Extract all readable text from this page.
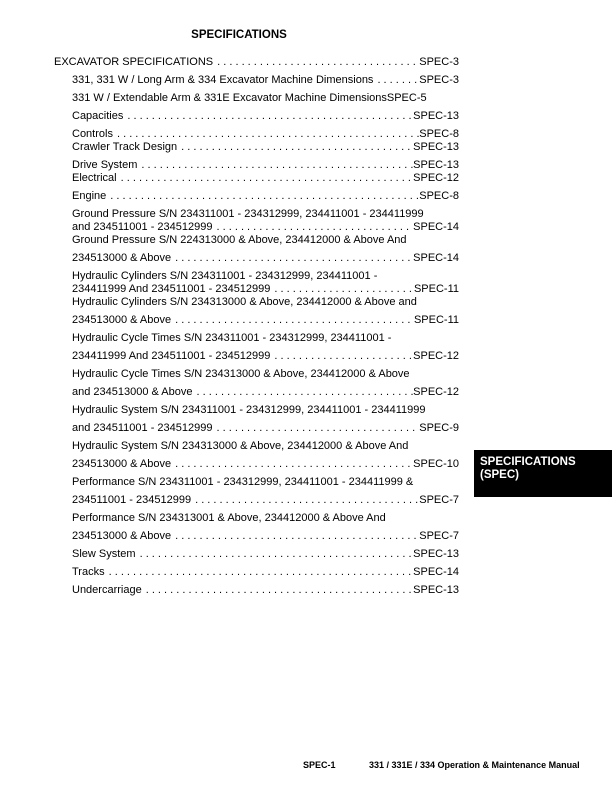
SPECIFICATIONS
EXCAVATOR SPECIFICATIONS . . .	SPEC-3
331, 331 W / Long Arm & 334 Excavator Machine Dimensions . . .	SPEC-3
331 W / Extendable Arm & 331E Excavator Machine Dimensions SPEC-5
Capacities . . .	SPEC-13
Controls . . .	SPEC-8
Crawler Track Design . . .	SPEC-13
Drive System . . .	SPEC-13
Electrical . . .	SPEC-12
Engine . . .	SPEC-8
Ground Pressure S/N 234311001 - 234312999, 234411001 - 234411999
and 234511001 - 234512999 . . .	SPEC-14
Ground Pressure S/N 224313000 & Above, 234412000 & Above And
234513000 & Above . . .	SPEC-14
Hydraulic Cylinders S/N 234311001 - 234312999, 234411001 -
234411999 And 234511001 - 234512999 . . .	SPEC-11
Hydraulic Cylinders S/N 234313000 & Above, 234412000 & Above and
234513000 & Above . . .	SPEC-11
Hydraulic Cycle Times S/N 234311001 - 234312999, 234411001 -
234411999 And 234511001 - 234512999 . . .	SPEC-12
Hydraulic Cycle Times S/N 234313000 & Above, 234412000 & Above
and 234513000 & Above . . .	SPEC-12
Hydraulic System S/N 234311001 - 234312999, 234411001 - 234411999
and 234511001 - 234512999 . . .	SPEC-9
Hydraulic System S/N 234313000 & Above, 234412000 & Above And
234513000 & Above . . .	SPEC-10
Performance S/N 234311001 - 234312999, 234411001 - 234411999 &
234511001 - 234512999 . . .	SPEC-7
Performance S/N 234313001 & Above, 234412000 & Above And
234513000 & Above . . .	SPEC-7
Slew System . . .	SPEC-13
Tracks . . .	SPEC-14
Undercarriage . . .	SPEC-13
SPECIFICATIONS
(SPEC)
SPEC-1	331 / 331E / 334 Operation & Maintenance Manual
